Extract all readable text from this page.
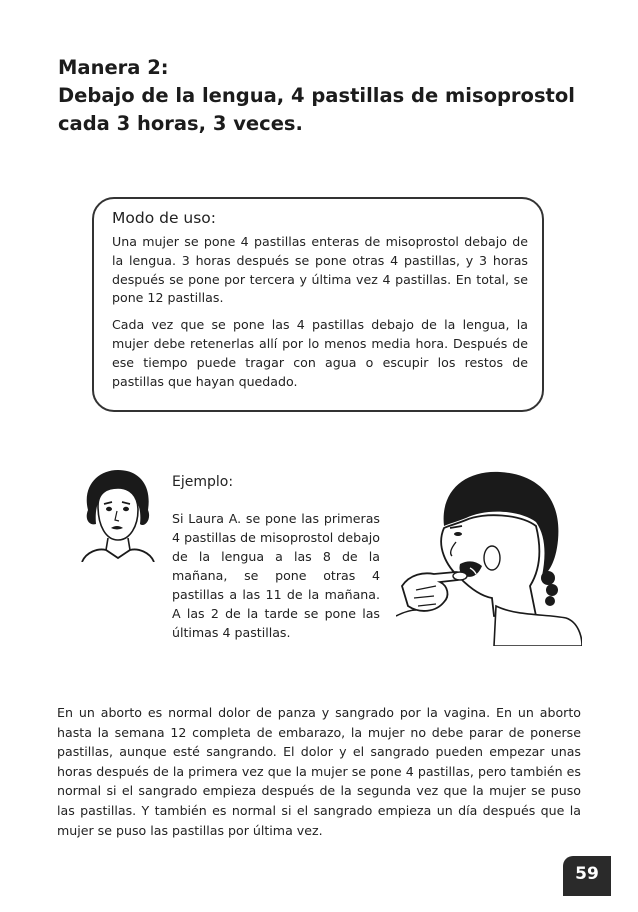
Manera 2:
Debajo de la lengua, 4 pastillas de misoprostol
cada 3 horas, 3 veces.
Modo de uso:

Una mujer se pone 4 pastillas enteras de misoprostol debajo de la lengua. 3 horas después se pone otras 4 pastillas, y 3 horas después se pone por tercera y última vez 4 pastillas. En total, se pone 12 pastillas.

Cada vez que se pone las 4 pastillas debajo de la lengua, la mujer debe retenerlas allí por lo menos media hora. Después de ese tiempo puede tragar con agua o escupir los restos de pastillas que hayan quedado.

Ejemplo:
Si Laura A. se pone las primeras 4 pastillas de misoprostol debajo de la lengua a las 8 de la mañana, se pone otras 4 pastillas a las 11 de la mañana. A las 2 de la tarde se pone las últimas 4 pastillas.
En un aborto es normal dolor de panza y sangrado por la vagina. En un aborto hasta la semana 12 completa de embarazo, la mujer no debe parar de ponerse pastillas, aunque esté sangrando. El dolor y el sangrado pueden empezar unas horas después de la primera vez que la mujer se pone 4 pastillas, pero también es normal si el sangrado empieza después de la segunda vez que la mujer se puso las pastillas. Y también es normal si el sangrado empieza un día después que la mujer se puso las pastillas por última vez.
59
